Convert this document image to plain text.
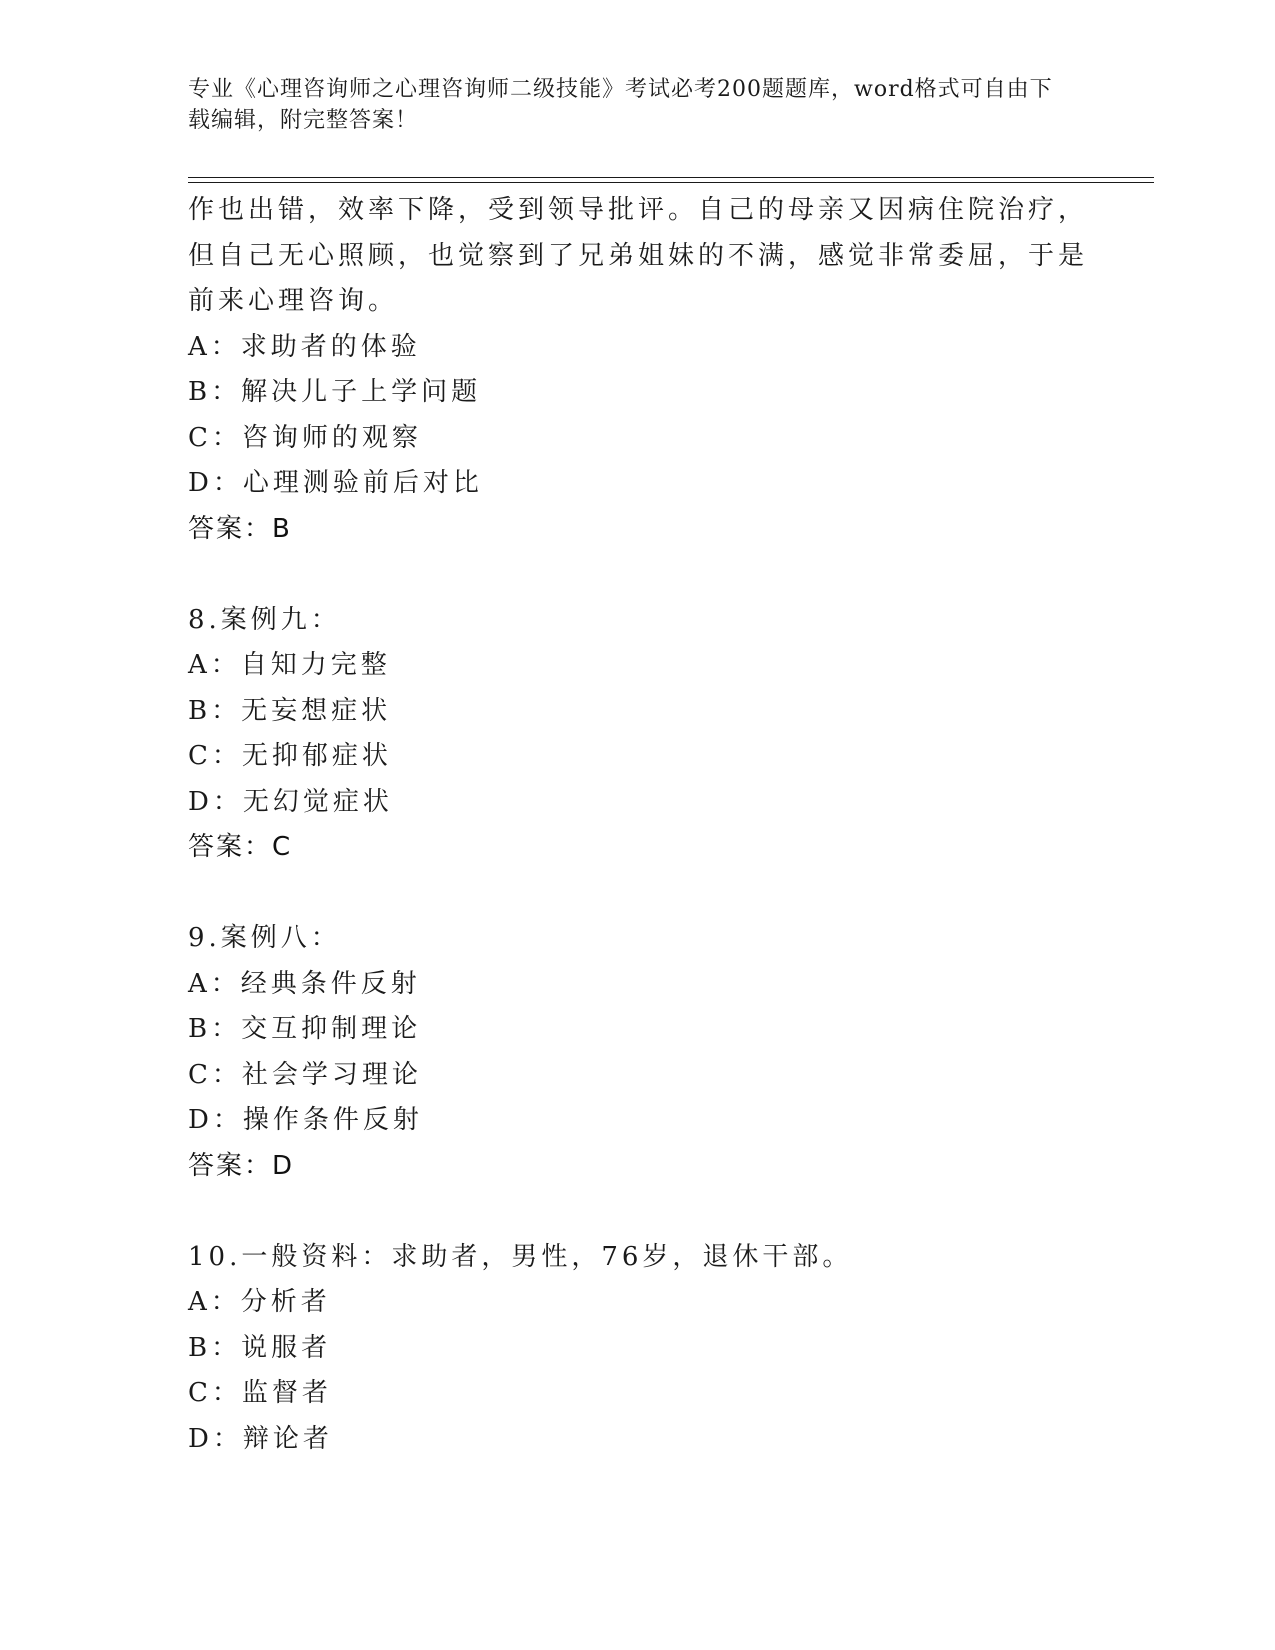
专业《心理咨询师之心理咨询师二级技能》考试必考200题题库，word格式可自由下载编辑，附完整答案！
作也出错，效率下降，受到领导批评。自己的母亲又因病住院治疗，
但自己无心照顾，也觉察到了兄弟姐妹的不满，感觉非常委屈，于是
前来心理咨询。
A：求助者的体验
B：解决儿子上学问题
C：咨询师的观察
D：心理测验前后对比
答案：B
8.案例九：
A：自知力完整
B：无妄想症状
C：无抑郁症状
D：无幻觉症状
答案：C
9.案例八：
A：经典条件反射
B：交互抑制理论
C：社会学习理论
D：操作条件反射
答案：D
10.一般资料：求助者，男性，76岁，退休干部。
A：分析者
B：说服者
C：监督者
D：辩论者
